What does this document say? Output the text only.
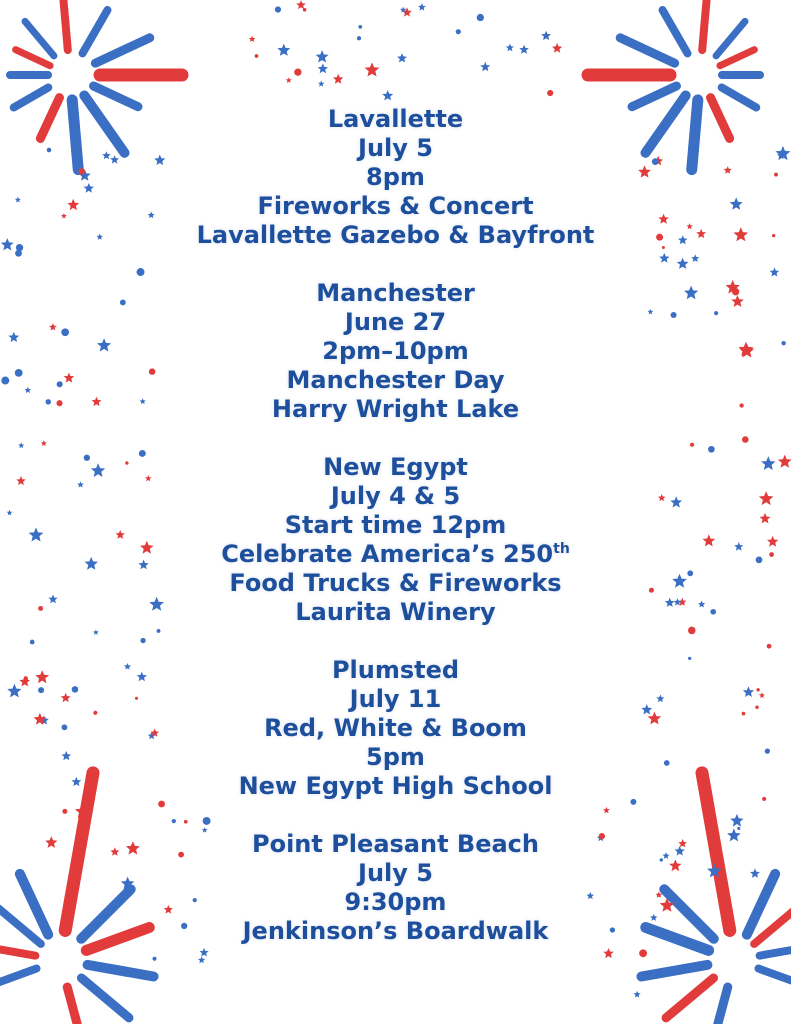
Lavallette
July 5
8pm
Fireworks & Concert
Lavallette Gazebo & Bayfront
Manchester
June 27
2pm–10pm
Manchester Day
Harry Wright Lake
New Egypt
July 4 & 5
Start time 12pm
Celebrate America’s 250th
Food Trucks & Fireworks
Laurita Winery
Plumsted
July 11
Red, White & Boom
5pm
New Egypt High School
Point Pleasant Beach
July 5
9:30pm
Jenkinson’s Boardwalk
